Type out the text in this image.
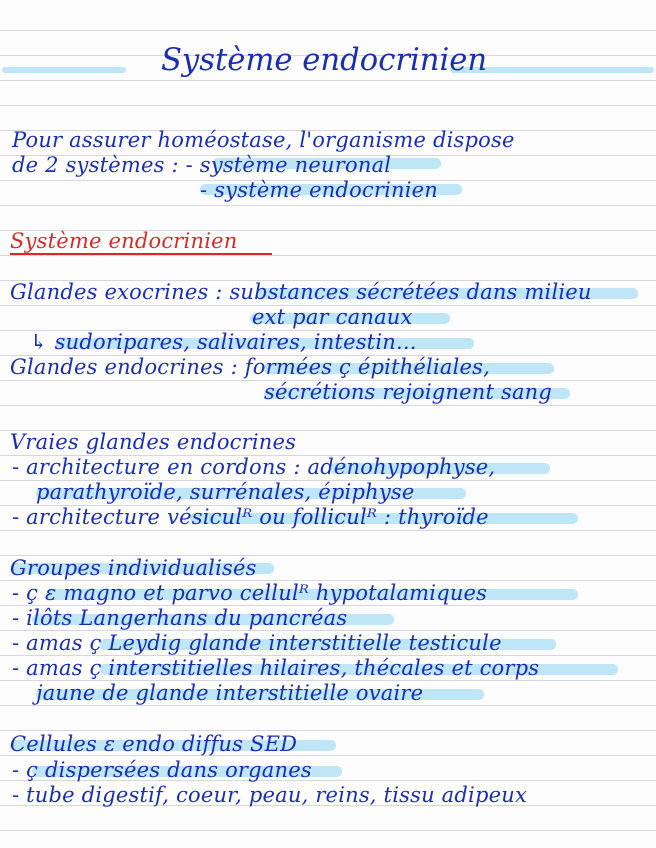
Système endocrinien
Pour assurer homéostase, l'organisme dispose
de 2 systèmes : - système neuronal
- système endocrinien
Système endocrinien
Glandes exocrines : substances sécrétées dans milieu
ext par canaux
↳ sudoripares, salivaires, intestin...
Glandes endocrines : formées ç épithéliales,
sécrétions rejoignent sang
Vraies glandes endocrines
- architecture en cordons : adénohypophyse,
parathyroïde, surrénales, épiphyse
- architecture vésiculᴿ ou folliculᴿ : thyroïde
Groupes individualisés
- ç ε magno et parvo cellulᴿ hypotalamiques
- ilôts Langerhans du pancréas
- amas ç Leydig glande interstitielle testicule
- amas ç interstitielles hilaires, thécales et corps
jaune de glande interstitielle ovaire
Cellules ε endo diffus SED
- ç dispersées dans organes
- tube digestif, coeur, peau, reins, tissu adipeux
